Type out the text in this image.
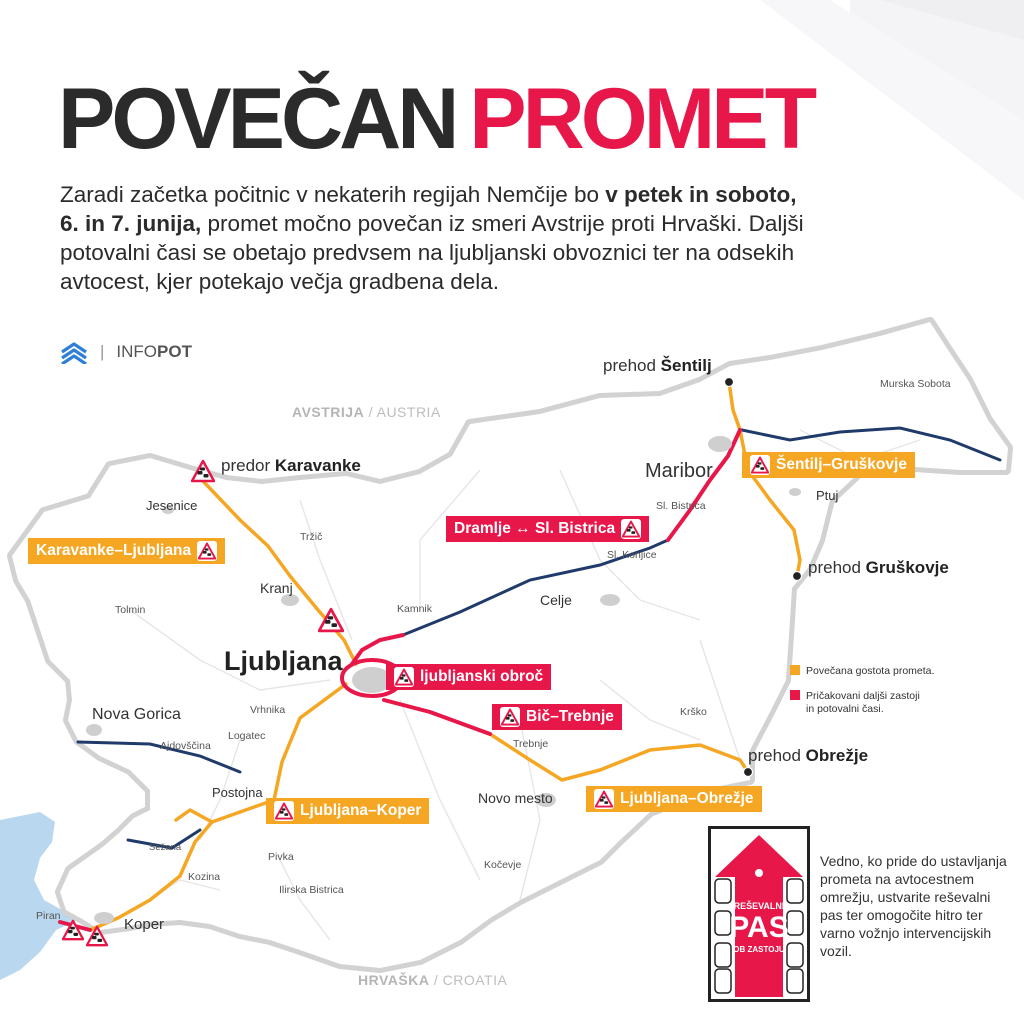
POVEČAN PROMET
Zaradi začetka počitnic v nekaterih regijah Nemčije bo v petek in soboto, 6. in 7. junija, promet močno povečan iz smeri Avstrije proti Hrvaški. Daljši potovalni časi se obetajo predvsem na ljubljanski obvoznici ter na odsekih avtocest, kjer potekajo večja gradbena dela.
| INFO POT
AVSTRIJA / AUSTRIA
HRVAŠKA / CROATIA
prehod Šentilj
prehod Gruškovje
prehod Obrežje
predor Karavanke
Ljubljana
Maribor
Kranj
Celje
Nova Gorica
Novo mesto
Koper
Postojna
Jesenice
Ptuj
Murska Sobota
Tržič
Tolmin
Sl. Bistrica
Sl. Konjice
Kamnik
Vrhnika
Logatec
Ajdovščina
Krško
Trebnje
Sežana
Pivka
Kozina
Ilirska Bistrica
Kočevje
Piran
Karavanke–Ljubljana
Šentilj–Gruškovje
Dramlje ↔ Sl. Bistrica
ljubljanski obroč
Bič–Trebnje
Ljubljana–Koper
Ljubljana–Obrežje
Povečana gostota prometa.
Pričakovani daljši zastoji
in potovalni časi.
REŠEVALNI
PAS
OB ZASTOJU
Vedno, ko pride do ustavljanja prometa na avtocestnem omrežju, ustvarite reševalni pas ter omogočite hitro ter varno vožnjo intervencijskih vozil.
